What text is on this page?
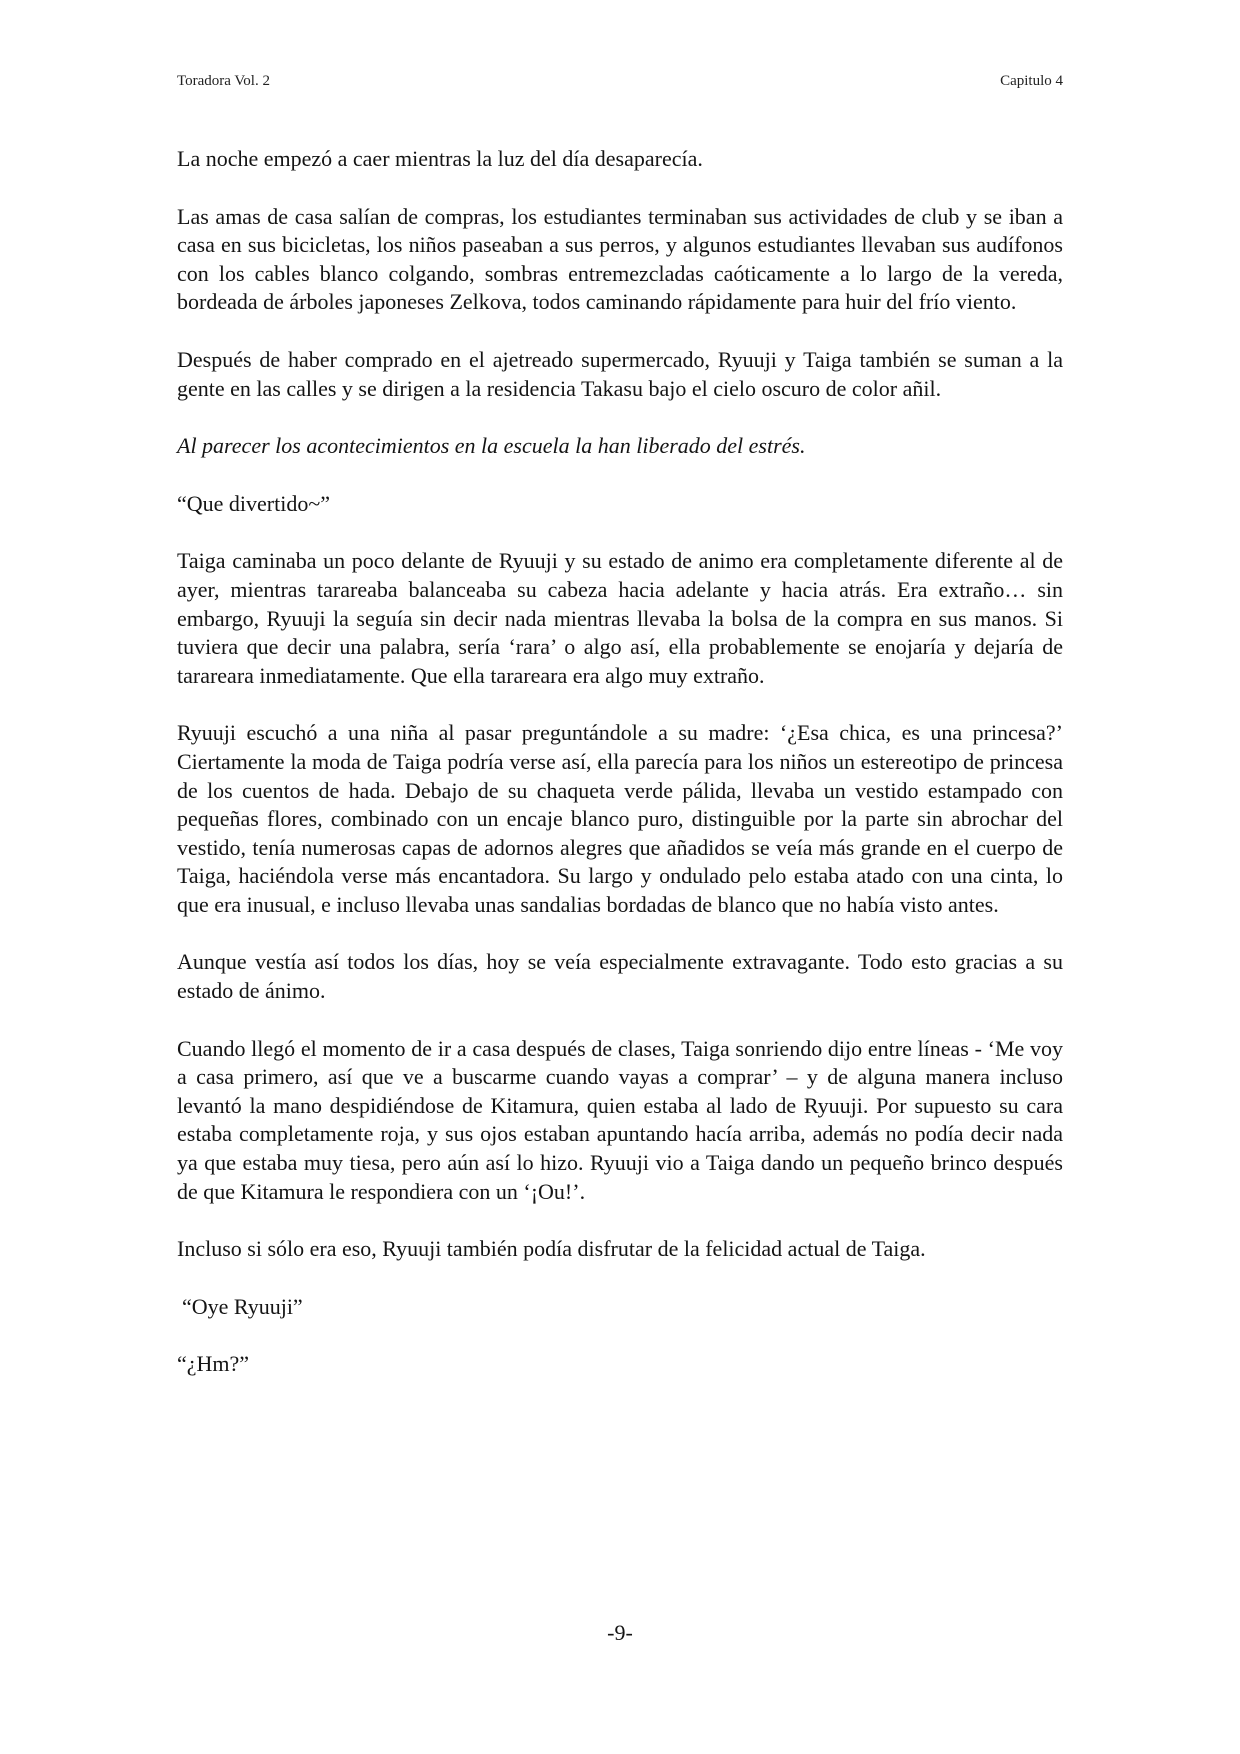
Toradora Vol. 2	Capitulo 4

La noche empezó a caer mientras la luz del día desaparecía.

Las amas de casa salían de compras, los estudiantes terminaban sus actividades de club y se iban a casa en sus bicicletas, los niños paseaban a sus perros, y algunos estudiantes llevaban sus audífonos con los cables blanco colgando, sombras entremezcladas caóticamente a lo largo de la vereda, bordeada de árboles japoneses Zelkova, todos caminando rápidamente para huir del frío viento.

Después de haber comprado en el ajetreado supermercado, Ryuuji y Taiga también se suman a la gente en las calles y se dirigen a la residencia Takasu bajo el cielo oscuro de color añil.

Al parecer los acontecimientos en la escuela la han liberado del estrés.

“Que divertido~”

Taiga caminaba un poco delante de Ryuuji y su estado de animo era completamente diferente al de ayer, mientras tarareaba balanceaba su cabeza hacia adelante y hacia atrás. Era extraño… sin embargo, Ryuuji la seguía sin decir nada mientras llevaba la bolsa de la compra en sus manos. Si tuviera que decir una palabra, sería ‘rara’ o algo así, ella probablemente se enojaría y dejaría de tarareara inmediatamente. Que ella tarareara era algo muy extraño.

Ryuuji escuchó a una niña al pasar preguntándole a su madre: ‘¿Esa chica, es una princesa?’ Ciertamente la moda de Taiga podría verse así, ella parecía para los niños un estereotipo de princesa de los cuentos de hada. Debajo de su chaqueta verde pálida, llevaba un vestido estampado con pequeñas flores, combinado con un encaje blanco puro, distinguible por la parte sin abrochar del vestido, tenía numerosas capas de adornos alegres que añadidos se veía más grande en el cuerpo de Taiga, haciéndola verse más encantadora. Su largo y ondulado pelo estaba atado con una cinta, lo que era inusual, e incluso llevaba unas sandalias bordadas de blanco que no había visto antes.

Aunque vestía así todos los días, hoy se veía especialmente extravagante. Todo esto gracias a su estado de ánimo.

Cuando llegó el momento de ir a casa después de clases, Taiga sonriendo dijo entre líneas - ‘Me voy a casa primero, así que ve a buscarme cuando vayas a comprar’ – y de alguna manera incluso levantó la mano despidiéndose de Kitamura, quien estaba al lado de Ryuuji. Por supuesto su cara estaba completamente roja, y sus ojos estaban apuntando hacía arriba, además no podía decir nada ya que estaba muy tiesa, pero aún así lo hizo. Ryuuji vio a Taiga dando un pequeño brinco después de que Kitamura le respondiera con un ‘¡Ou!’.

Incluso si sólo era eso, Ryuuji también podía disfrutar de la felicidad actual de Taiga.

“Oye Ryuuji”

“¿Hm?”

-9-
